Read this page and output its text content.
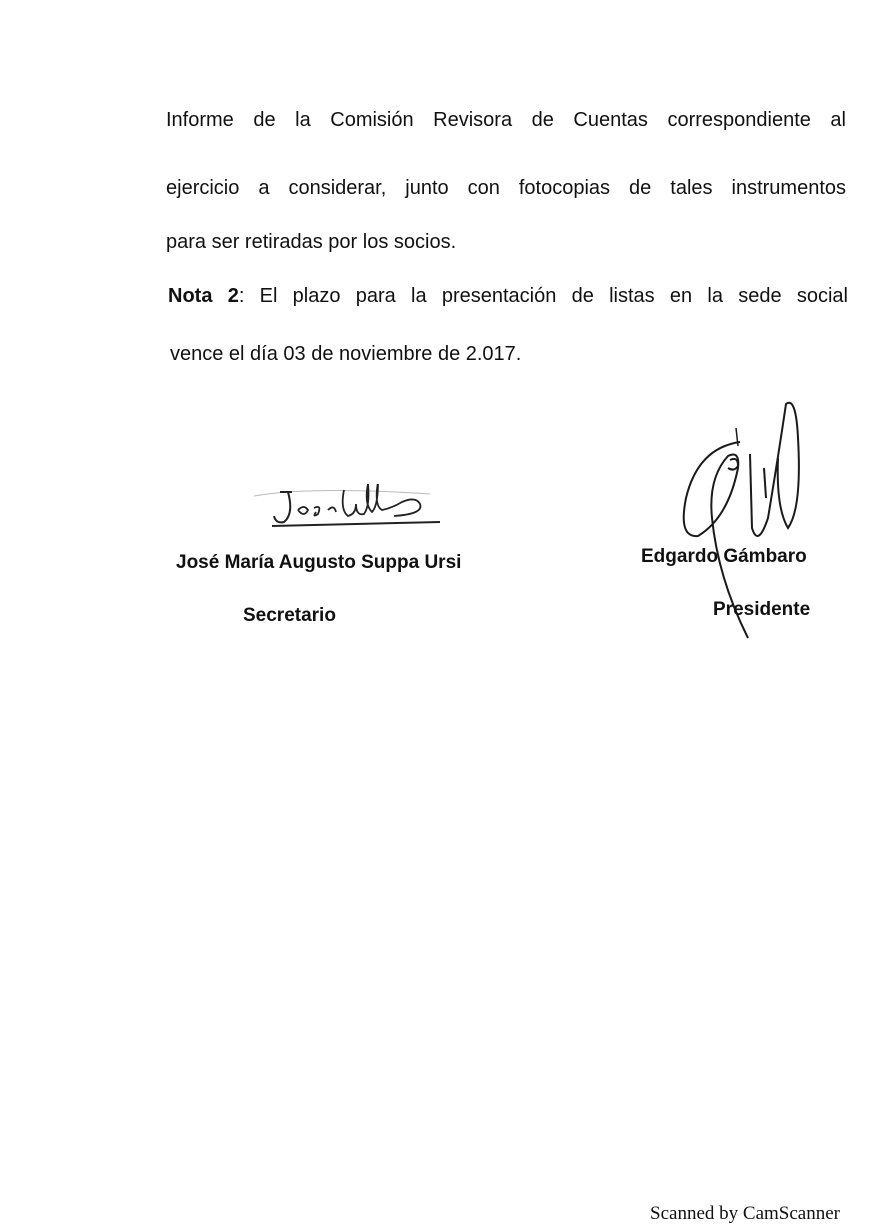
Informe de la Comisión Revisora de Cuentas correspondiente al
ejercicio a considerar, junto con fotocopias de tales instrumentos
para ser retiradas por los socios.
Nota 2: El plazo para la presentación de listas en la sede social
vence el día 03 de noviembre de 2.017.
José María Augusto Suppa Ursi
Secretario
Edgardo Gámbaro
Presidente
Scanned by CamScanner
